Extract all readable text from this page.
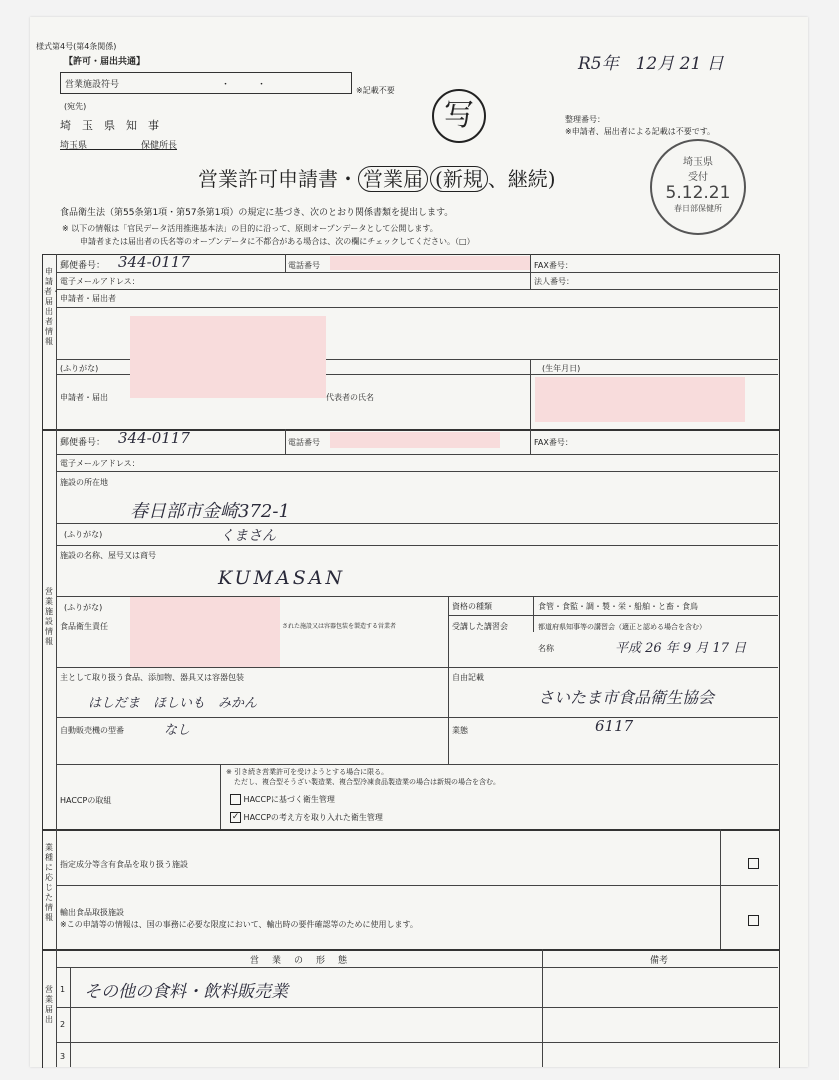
様式第4号(第4条関係)
【許可・届出共通】
営業施設符号	・　　　・
※記載不要
(宛先)
埼　玉　県　知　事
埼玉県　　　　　　保健所長
写
R5年　12月 21 日
整理番号：
※申請者、届出者による記載は不要です。
埼玉県
受付
5.12.21
春日部保健所
営業許可申請書・ 営業届 (新規 、継続)
食品衛生法（第55条第1項・第57条第1項）の規定に基づき、次のとおり関係書類を提出します。
※ 以下の情報は「官民データ活用推進基本法」の目的に沿って、原則オープンデータとして公開します。
申請者または届出者の氏名等のオープンデータに不都合がある場合は、次の欄にチェックしてください。（□）
申請者・届出者情報
郵便番号： 344-0117	電話番号	FAX番号：
電子メールアドレス：	法人番号：
申請者・届出者
(ふりがな)	(生年月日)
申請者・届出	代表者の氏名
営業施設情報
郵便番号： 344-0117	電話番号	FAX番号：
電子メールアドレス：
施設の所在地
春日部市金崎372-1
(ふりがな)	くまさん
施設の名称、屋号又は商号
KUMASAN
(ふりがな)
食品衛生責任	された施設又は容器包装を製造する営業者
資格の種類	食管・食監・調・製・栄・船舶・と畜・食鳥
受講した講習会	都道府県知事等の講習会（適正と認める場合を含む）
名称	平成 26 年 9 月 17 日
主として取り扱う食品、添加物、器具又は容器包装
はしだま　ほしいも　みかん
自由記載
さいたま市食品衛生協会
自動販売機の型番	なし	業態	6117
HACCPの取組
※ 引き続き営業許可を受けようとする場合に限る。
ただし、複合型そうざい製造業、複合型冷凍食品製造業の場合は新規の場合を含む。
HACCPに基づく衛生管理
✓ HACCPの考え方を取り入れた衛生管理
業種に応じた情報
指定成分等含有食品を取り扱う施設
輸出食品取扱施設
※この申請等の情報は、国の事務に必要な限度において、輸出時の要件確認等のために使用します。
営業届出
営　業　の　形　態	備考
1 その他の食料・飲料販売業
2
3
